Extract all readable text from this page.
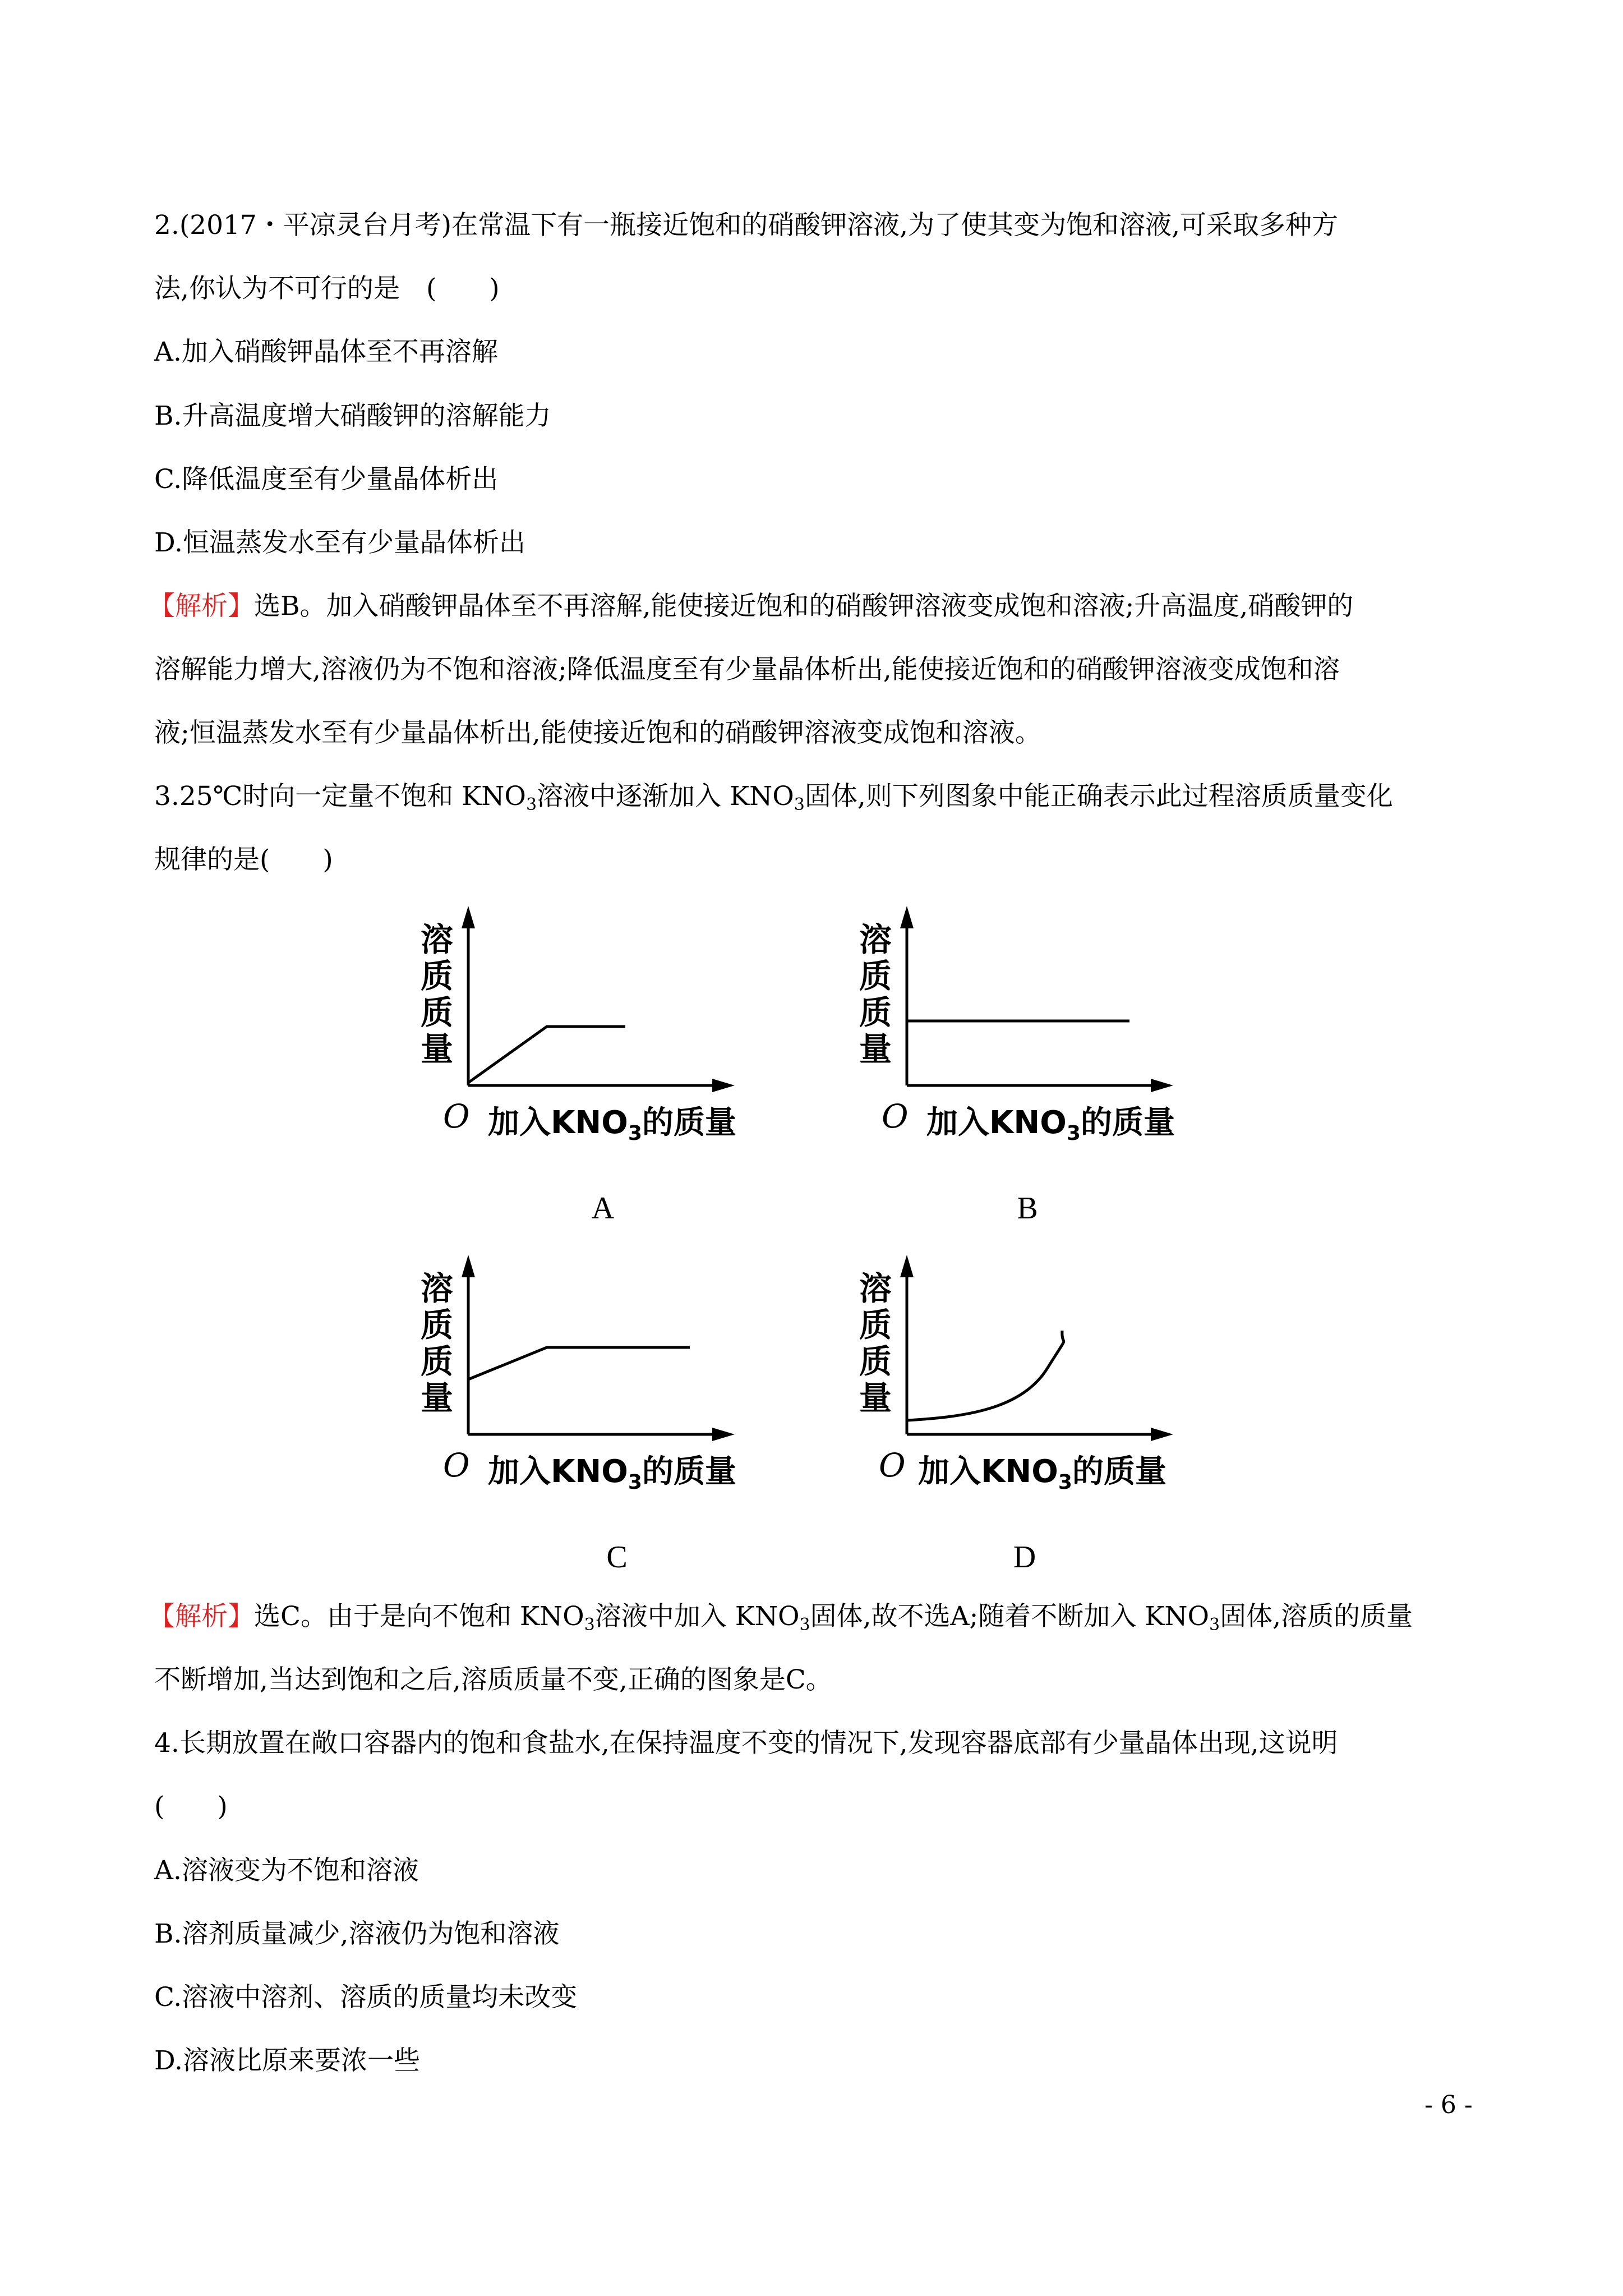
2.(2017・平凉灵台月考)在常温下有一瓶接近饱和的硝酸钾溶液,为了使其变为饱和溶液,可采取多种方
法,你认为不可行的是　(　　)
A.加入硝酸钾晶体至不再溶解
B.升高温度增大硝酸钾的溶解能力
C.降低温度至有少量晶体析出
D.恒温蒸发水至有少量晶体析出
【解析】选B。加入硝酸钾晶体至不再溶解,能使接近饱和的硝酸钾溶液变成饱和溶液;升高温度,硝酸钾的
溶解能力增大,溶液仍为不饱和溶液;降低温度至有少量晶体析出,能使接近饱和的硝酸钾溶液变成饱和溶
液;恒温蒸发水至有少量晶体析出,能使接近饱和的硝酸钾溶液变成饱和溶液。
3.25℃时向一定量不饱和 $KNO_3$溶液中逐渐加入 $KNO_3$固体,则下列图象中能正确表示此过程溶质质量变化
规律的是(　　)
溶
质
质
量
O 加入$KNO_3$的质量
A
溶
质
质
量
O 加入$KNO_3$的质量
B
溶
质
质
量
O 加入$KNO_3$的质量
C
溶
质
质
量
O 加入$KNO_3$的质量
D
【解析】选C。由于是向不饱和 $KNO_3$溶液中加入 $KNO_3$固体,故不选A;随着不断加入 $KNO_3$固体,溶质的质量
不断增加,当达到饱和之后,溶质质量不变,正确的图象是C。
4.长期放置在敞口容器内的饱和食盐水,在保持温度不变的情况下,发现容器底部有少量晶体出现,这说明
(　　)
A.溶液变为不饱和溶液
B.溶剂质量减少,溶液仍为饱和溶液
C.溶液中溶剂、溶质的质量均未改变
D.溶液比原来要浓一些
- 6 -
